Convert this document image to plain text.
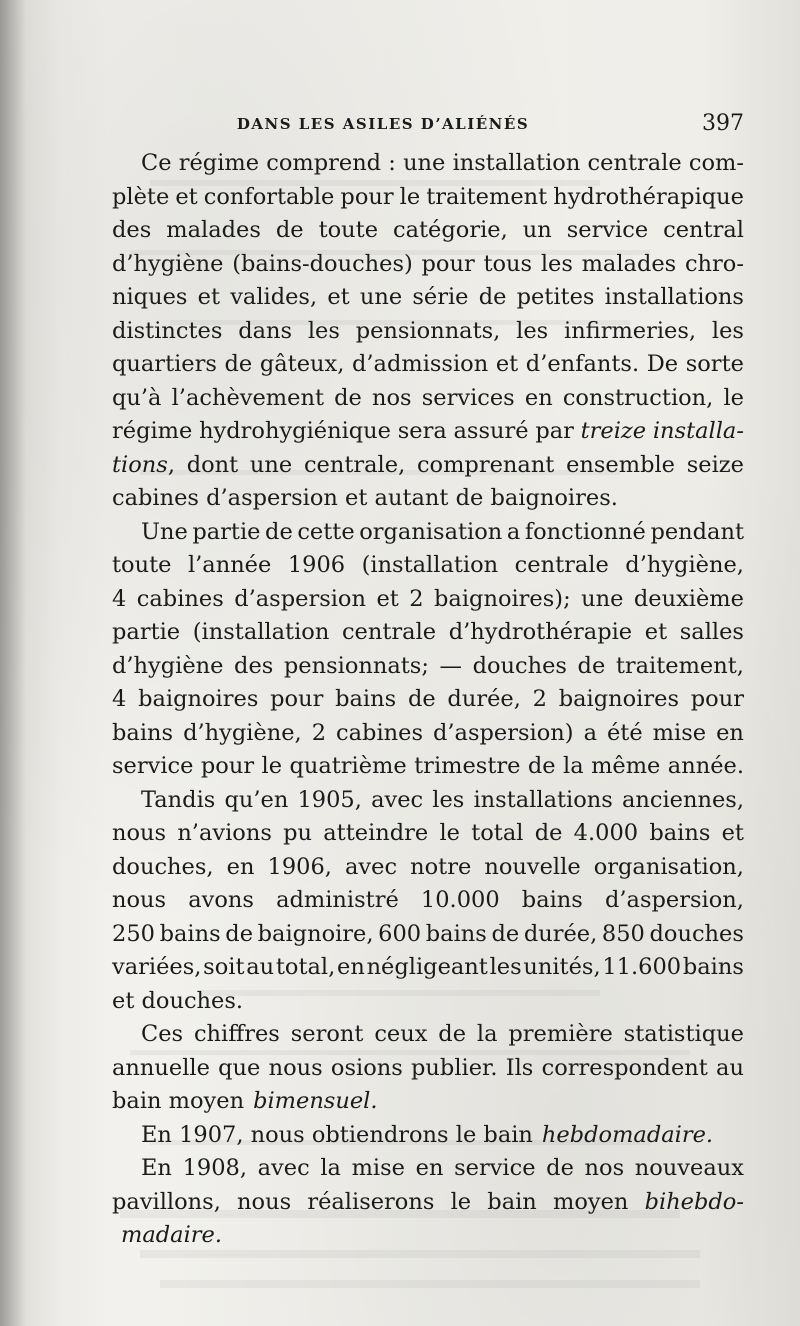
DANS LES ASILES D’ALIÉNÉS	397
Ce régime comprend : une installation centrale com-
plète et confortable pour le traitement hydrothérapique
des malades de toute catégorie, un service central
d’hygiène (bains-douches) pour tous les malades chro-
niques et valides, et une série de petites installations
distinctes dans les pensionnats, les infirmeries, les
quartiers de gâteux, d’admission et d’enfants. De sorte
qu’à l’achèvement de nos services en construction, le
régime hydrohygiénique sera assuré par treize installa-
tions, dont une centrale, comprenant ensemble seize
cabines d’aspersion et autant de baignoires.
Une partie de cette organisation a fonctionné pendant
toute l’année 1906 (installation centrale d’hygiène,
4 cabines d’aspersion et 2 baignoires); une deuxième
partie (installation centrale d’hydrothérapie et salles
d’hygiène des pensionnats; — douches de traitement,
4 baignoires pour bains de durée, 2 baignoires pour
bains d’hygiène, 2 cabines d’aspersion) a été mise en
service pour le quatrième trimestre de la même année.
Tandis qu’en 1905, avec les installations anciennes,
nous n’avions pu atteindre le total de 4.000 bains et
douches, en 1906, avec notre nouvelle organisation,
nous avons administré 10.000 bains d’aspersion,
250 bains de baignoire, 600 bains de durée, 850 douches
variées, soit au total, en négligeant les unités, 11.600 bains
et douches.
Ces chiffres seront ceux de la première statistique
annuelle que nous osions publier. Ils correspondent au
bain moyen bimensuel.
En 1907, nous obtiendrons le bain hebdomadaire.
En 1908, avec la mise en service de nos nouveaux
pavillons, nous réaliserons le bain moyen bihebdo-
madaire.
